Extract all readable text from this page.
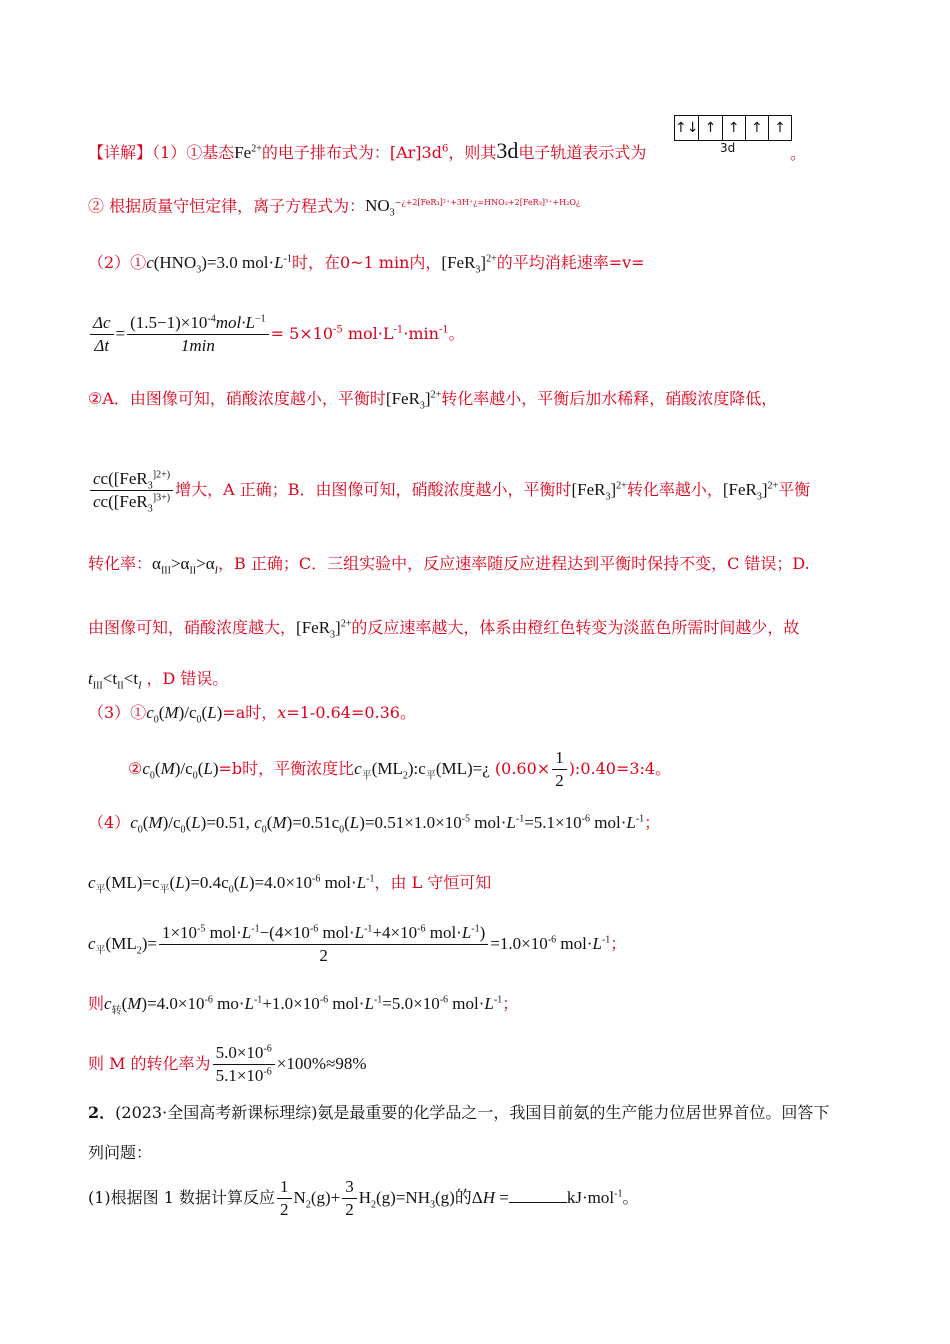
【详解】（1）①基态$Fe^{2+}$的电子排布式为：$[Ar]3d^6$，则其3d电子轨道表示式为
↑↓ ↑ ↑ ↑ ↑
3d	。
② 根据质量守恒定律，离子方程式为：$NO_3^{-¿+2[FeR_3]^{2+}+3H^+¿=HNO_2+2[FeR_3]^{3+}+H_2O¿}$
$(2)①c(HNO_3)=3.0$ $mol\cdot L^{-1}$时，在0~1 min内，$[FeR_3]^{2+}$的平均消耗速率=v=
$\frac{\Delta c}{\Delta t} = \frac{(1.5-1)\times 10^{-4}mol\cdot L^{-1}}{1\min} = 5\times 10^{-5}$ $mol\cdot L^{-1}\cdot\min^{-1}$。
②A．由图像可知，硝酸浓度越小，平衡时$[FeR_3]^{2+}$转化率越小，平衡后加水稀释，硝酸浓度降低，
$\frac{cc([FeR_3^{]2+)}}{cc([FeR_3^{]3+)}}$ 增大，A 正确；B．由图像可知，硝酸浓度越小，平衡时$[FeR_3]^{2+}$转化率越小，$[FeR_3]^{2+}$平衡
转化率：$\alpha_{III}>\alpha_{II}>\alpha_I$，B 正确；C．三组实验中，反应速率随反应进程达到平衡时保持不变，C 错误；D.
由图像可知，硝酸浓度越大，$[FeR_3]^{2+}$的反应速率越大，体系由橙红色转变为淡蓝色所需时间越少，故
$t_{III}<t_{II}<t_I$ ，D 错误。
$(3)①c_0(M)/c_0(L)=a$时，x=1-0.64=0.36。
$②c_0(M)/c_0(L)=b$时，平衡浓度比$c_平(ML_2):c_平(ML)=¿$ ($0.60\times \frac{1}{2}$ ):0.40=3:4。
$(4)c_0(M)/c_0(L)=0.51$, $c_0(M)=0.51c_0(L)=0.51\times 1.0\times 10^{-5}$ $mol\cdot L^{-1}=5.1\times 10^{-6}$ $mol\cdot L^{-1}$；
$c_平(ML)=c_平(L)=0.4c_0(L)=4.0\times 10^{-6}$ $mol\cdot L^{-1}$，由 L 守恒可知
$c_平(ML_2)= \frac{1\times 10^{-5} mol\cdot L^{-1}-(4\times 10^{-6} mol\cdot L^{-1}+4\times 10^{-6} mol\cdot L^{-1})}{2} =1.0\times 10^{-6}$ $mol\cdot L^{-1}$；
则$c_转(M)=4.0\times 10^{-6}$ $mo\cdot L^{-1}+1.0\times 10^{-6}$ $mol\cdot L^{-1}=5.0\times 10^{-6}$ $mol\cdot L^{-1}$；
则 M 的转化率为 $\frac{5.0\times 10^{-6}}{5.1\times 10^{-6}} \times 100\%\approx 98\%$
2．(2023·全国高考新课标理综)氨是最重要的化学品之一，我国目前氨的生产能力位居世界首位。回答下
列问题：
(1)根据图 1 数据计算反应 $\frac{1}{2} N_2(g)+ \frac{3}{2} H_2(g)=NH_3(g)$的ΔH =	kJ·mol$^{-1}$。
